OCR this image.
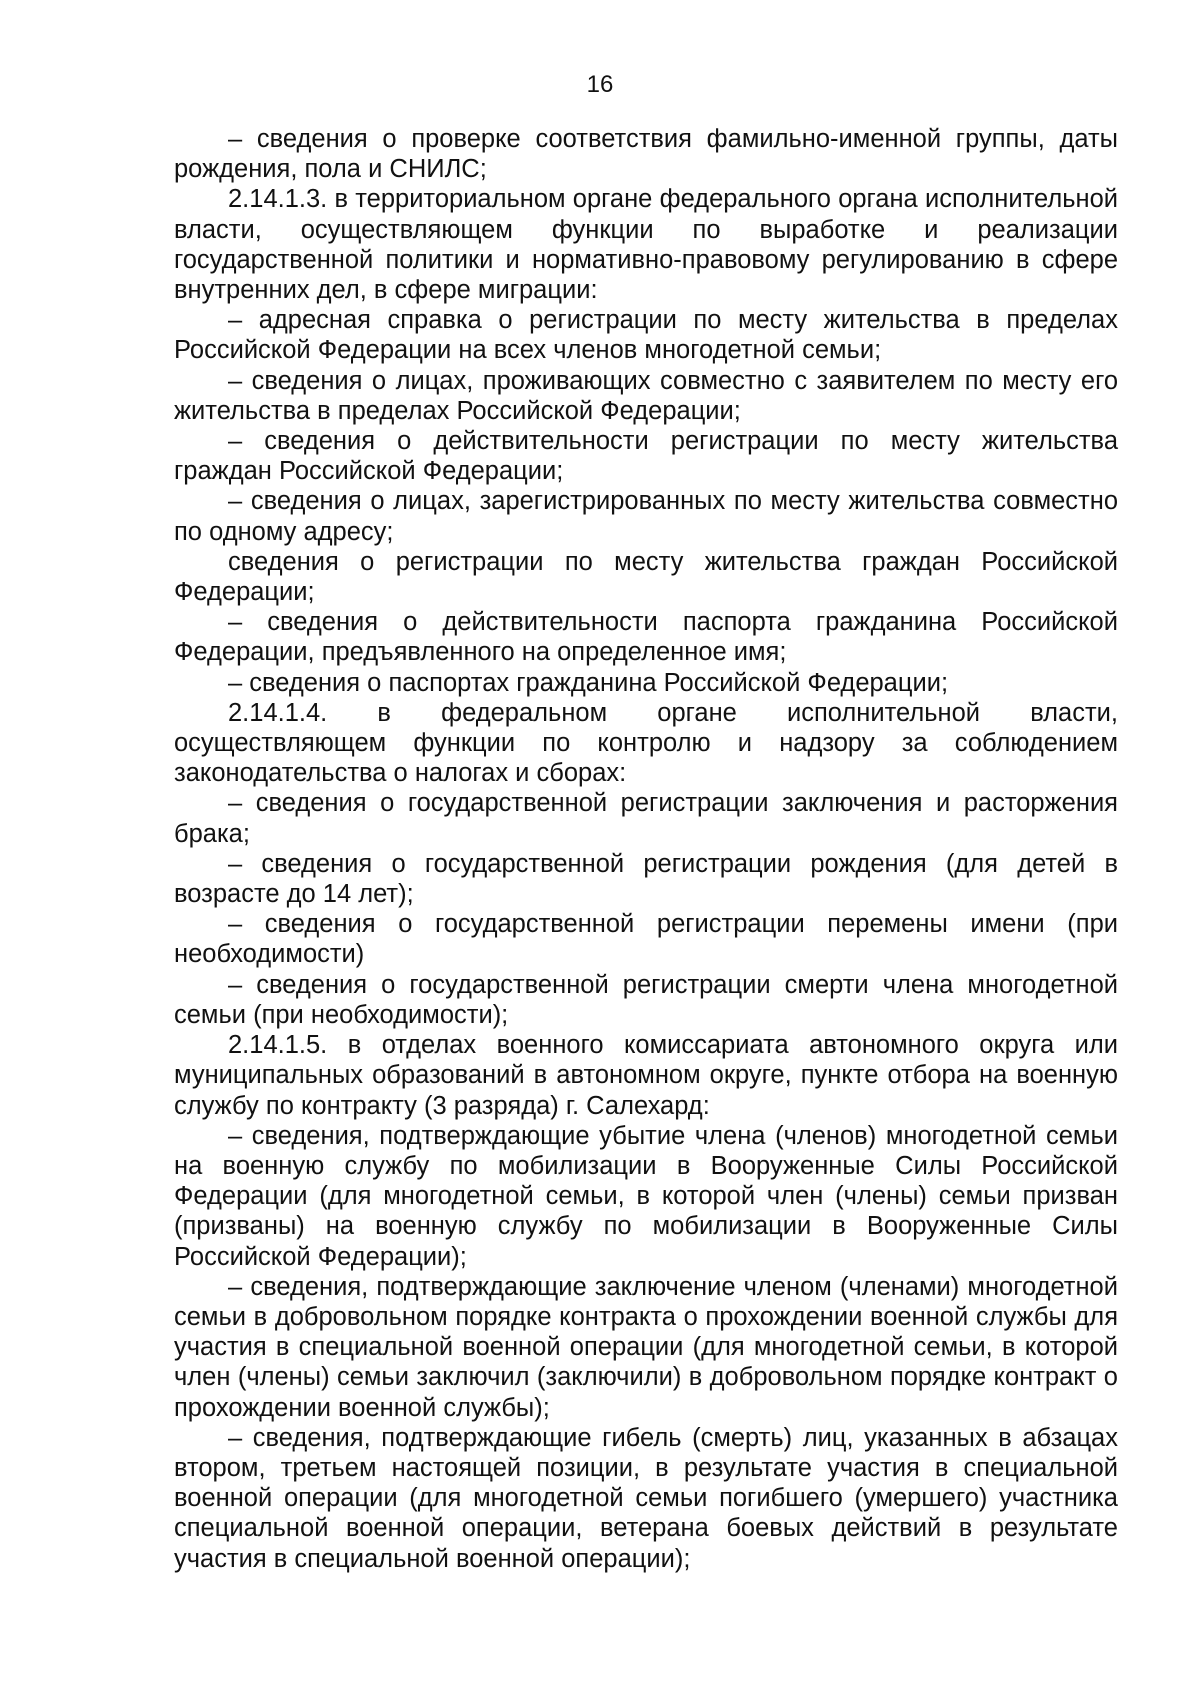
16

– сведения о проверке соответствия фамильно-именной группы, даты рождения, пола и СНИЛС;

2.14.1.3. в территориальном органе федерального органа исполнительной власти, осуществляющем функции по выработке и реализации государственной политики и нормативно-правовому регулированию в сфере внутренних дел, в сфере миграции:

– адресная справка о регистрации по месту жительства в пределах Российской Федерации на всех членов многодетной семьи;

– сведения о лицах, проживающих совместно с заявителем по месту его жительства в пределах Российской Федерации;

– сведения о действительности регистрации по месту жительства граждан Российской Федерации;

– сведения о лицах, зарегистрированных по месту жительства совместно по одному адресу;

сведения о регистрации по месту жительства граждан Российской Федерации;

– сведения о действительности паспорта гражданина Российской Федерации, предъявленного на определенное имя;

– сведения о паспортах гражданина Российской Федерации;

2.14.1.4. в федеральном органе исполнительной власти, осуществляющем функции по контролю и надзору за соблюдением законодательства о налогах и сборах:

– сведения о государственной регистрации заключения и расторжения брака;

– сведения о государственной регистрации рождения (для детей в возрасте до 14 лет);

– сведения о государственной регистрации перемены имени (при необходимости)

– сведения о государственной регистрации смерти члена многодетной семьи (при необходимости);

2.14.1.5. в отделах военного комиссариата автономного округа или муниципальных образований в автономном округе, пункте отбора на военную службу по контракту (3 разряда) г. Салехард:

– сведения, подтверждающие убытие члена (членов) многодетной семьи на военную службу по мобилизации в Вооруженные Силы Российской Федерации (для многодетной семьи, в которой член (члены) семьи призван (призваны) на военную службу по мобилизации в Вооруженные Силы Российской Федерации);

– сведения, подтверждающие заключение членом (членами) многодетной семьи в добровольном порядке контракта о прохождении военной службы для участия в специальной военной операции (для многодетной семьи, в которой член (члены) семьи заключил (заключили) в добровольном порядке контракт о прохождении военной службы);

– сведения, подтверждающие гибель (смерть) лиц, указанных в абзацах втором, третьем настоящей позиции, в результате участия в специальной военной операции (для многодетной семьи погибшего (умершего) участника специальной военной операции, ветерана боевых действий в результате участия в специальной военной операции);
